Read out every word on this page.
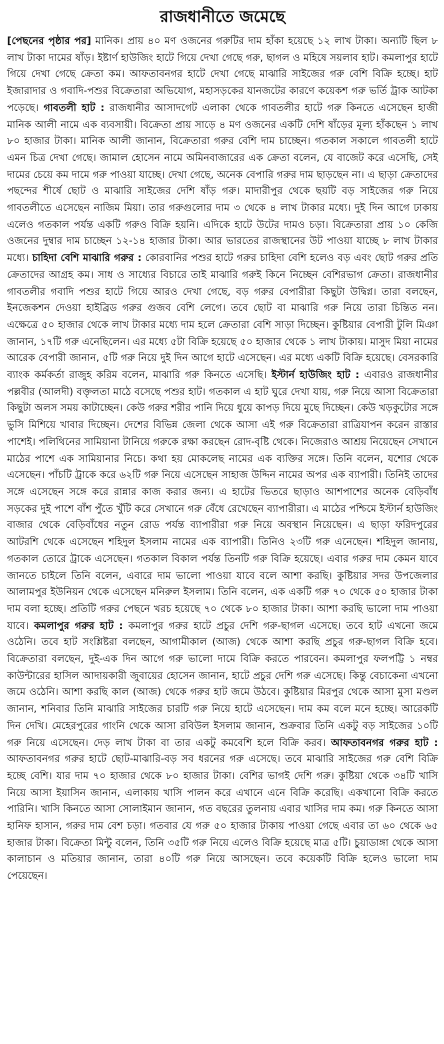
রাজধানীতে জমেছে
[পেছনের পৃষ্ঠার পর] মানিক। প্রায় ৪০ মণ ওজনের গরুটির দাম হাঁকা হয়েছে ১২ লাখ টাকা। অন্যটি ছিল ৮ লাখ টাকা দামের ষাঁড়। ইষ্টার্ণ হাউজিং হাটে গিয়ে দেখা গেছে গরু, ছাগল ও মহিষে সয়লাব হাট। কমলাপুর হাটে গিয়ে দেখা গেছে ক্রেতা কম। আফতাবনগর হাটে দেখা গেছে মাঝারি সাইজের গরু বেশি বিক্রি হচ্ছে। হাট ইজারাদার ও গবাদি-পশুর বিক্রেতারা অভিযোগ, মহাসড়কের যানজটের কারণে কয়েকশ গরু ভর্তি ট্রাক আটকা পড়েছে। গাবতলী হাট : রাজধানীর আসাদগেট এলাকা থেকে গাবতলীর হাটে গরু কিনতে এসেছেন হাজী মানিক আলী নামে এক ব্যবসায়ী। বিক্রেতা প্রায় সাড়ে ৪ মণ ওজনের একটি দেশি ষাঁড়ের মূল্য হাঁকছেন ১ লাখ ৮০ হাজার টাকা। মানিক আলী জানান, বিক্রেতারা গরুর বেশি দাম চাচ্ছেন। গতকাল সকালে গাবতলী হাটে এমন চিত্র দেখা গেছে। জামাল হোসেন নামে অমিনবাজারের এক ক্রেতা বলেন, যে বাজেট করে এসেছি, সেই দামের চেয়ে কম দামে গরু পাওয়া যাচ্ছে। দেখা গেছে, অনেক বেপারি গরুর দাম ছাড়ছেন না। এ ছাড়া ক্রেতাদের পছন্দের শীর্ষে ছোট ও মাঝারি সাইজের দেশি ষাঁড় গরু। মাদারীপুর থেকে ছয়টি বড় সাইজের গরু নিয়ে গাবতলীতে এসেছেন নাজিম মিয়া। তার গরুগুলোর দাম ৩ থেকে ৪ লাখ টাকার মধ্যে। দুই দিন আগে ঢাকায় এলেও গতকাল পর্যন্ত একটি গরুও বিক্রি হয়নি। এদিকে হাটে উটের দামও চড়া। বিক্রেতারা প্রায় ১০ কেজি ওজনের দুম্বার দাম চাচ্ছেন ১২-১৪ হাজার টাকা। আর ভারতের রাজস্থানের উট পাওয়া যাচ্ছে ৮ লাখ টাকার মধ্যে। চাহিদা বেশি মাঝারি গরুর : কোরবানির পশুর হাটে গরুর চাহিদা বেশি হলেও বড় এবং ছোট গরুর প্রতি ক্রেতাদের আগ্রহ কম। সাধ ও সাধ্যের বিচারে তাই মাঝারি গরুই কিনে নিচ্ছেন বেশিরভাগ ক্রেতা। রাজধানীর গাবতলীর গবাদি পশুর হাটে গিয়ে আরও দেখা গেছে, বড় গরুর বেপারীরা কিছুটা উদ্বিগ্ন। তারা বলছেন, ইনজেকশন দেওয়া হাইব্রিড গরুর গুজব বেশি লেগে। তবে ছোট বা মাঝারি গরু নিয়ে তারা চিন্তিত নন। এক্ষেত্রে ৫০ হাজার থেকে লাখ টাকার মধ্যে দাম হলে ক্রেতারা বেশি সাড়া দিচ্ছেন। কুষ্টিয়ার বেপারী টুলি মিঞা জানান, ১৭টি গরু এনেছিলেন। এর মধ্যে ৫টা বিক্রি হয়েছে ৫০ হাজার থেকে ১ লাখ টাকায়। মাসুদ মিয়া নামের আরেক বেপারী জানান, ৫টি গরু নিয়ে দুই দিন আগে হাটে এসেছেন। এর মধ্যে একটি বিক্রি হয়েছে। বেসরকারি ব্যাংক কর্মকর্তা রাজুহ করিম বলেন, মাঝারি গরু কিনতে এসেছি। ইস্টার্ন হাউজিং হাট : এবারও রাজধানীর পল্লবীর (আলদী) বক্তৃলতা মাঠে বসেছে পশুর হাট। গতকাল এ হাট ঘুরে দেখা যায়, গরু নিয়ে আসা বিক্রেতারা কিছুটা অলস সময় কাটাচ্ছেন। কেউ গরুর শরীর পানি দিয়ে ধুয়ে কাপড় দিয়ে মুছে দিচ্ছেন। কেউ খড়কুটোর সঙ্গে ভুসি মিশিয়ে খাবার দিচ্ছেন। দেশের বিভিন্ন জেলা থেকে আসা এই গরু বিক্রেতারা রাত্রিযাপন করেন রাস্তার পাশেই। পলিথিনের সামিয়ানা টানিয়ে গরুকে রক্ষা করছেন রোদ-বৃষ্টি থেকে। নিজেরাও আশ্রয় নিয়েছেন সেখানে মাঠের পাশে এক সামিয়ানার নিচে। কথা হয় মোকলেছ নামের এক ব্যক্তির সঙ্গে। তিনি বলেন, যশোর থেকে এসেছেন। পাঁচটি ট্রাকে করে ৬২টি গরু নিয়ে এসেছেন সাহাজ উদ্দিন নামের অপর এক ব্যাপারী। তিনিই তাদের সঙ্গে এসেছেন সঙ্গে করে রান্নার কাজ করার জন্য। এ হাটের ভিতরে ছাড়াও আশপাশের অনেক বেড়িবাঁধ সড়কের দুই পাশে বাঁশ পুঁতে খুঁটি করে সেখানে গরু বেঁধে রেখেছেন ব্যাপারীরা। এ মাঠের পশ্চিমে ইস্টার্ন হাউজিং বাজার থেকে বেড়িবাঁধের নতুন রোড পর্যন্ত ব্যাপারীরা গরু নিয়ে অবস্থান নিয়েছেন। এ ছাড়া ফরিদপুরের আটরশি থেকে এসেছেন শহিদুল ইসলাম নামের এক ব্যাপারী। তিনিও ২৩টি গরু এনেছেন। শহিদুল জানায়, গতকাল তোরে ট্রাকে এসেছেন। গতকাল বিকাল পর্যন্ত তিনটি গরু বিক্রি হয়েছে। এবার গরুর দাম কেমন যাবে জানতে চাইলে তিনি বলেন, এবারে দাম ভালো পাওয়া যাবে বলে আশা করছি। কুষ্টিয়ার সদর উপজেলার আলামপুর ইউনিয়ন থেকে এসেছেন মনিরুল ইসলাম। তিনি বলেন, এক একটি গরু ৭০ থেকে ৫০ হাজার টাকা দাম বলা হচ্ছে। প্রতিটি গরুর পেছনে খরচ হয়েছে ৭০ থেকে ৮০ হাজার টাকা। আশা করছি ভালো দাম পাওয়া যাবে। কমলাপুর গরুর হাট : কমলাপুর গরুর হাটে প্রচুর দেশি গরু-ছাগল এসেছে। তবে হাট এখনো জমে ওঠেনি। তবে হাট সংশ্লিষ্টরা বলছেন, আগামীকাল (আজ) থেকে আশা করছি প্রচুর গরু-ছাগল বিক্রি হবে। বিক্রেতারা বলছেন, দুই-এক দিন আগে গরু ভালো দামে বিক্রি করতে পারবেন। কমলাপুর ফলপট্টি ১ নম্বর কাউন্টারের হাসিল আদায়কারী জুবায়ের হোসেন জানান, হাটে প্রচুর দেশি গরু এসেছে। কিন্তু বেচাকেনা এখনো জমে ওঠেনি। আশা করছি কাল (আজ) থেকে গরুর হাট জমে উঠবে। কুষ্টিয়ার মিরপুর থেকে আসা মুসা মণ্ডল জানান, শনিবার তিনি মাঝারি সাইজের চারটি গরু নিয়ে হাটে এসেছেন। দাম কম বলে মনে হচ্ছে। আরেকটি দিন দেখি। মেহেরপুরের গাংনি থেকে আসা রবিউল ইসলাম জানান, শুক্রবার তিনি একটু বড় সাইজের ১০টি গরু নিয়ে এসেছেন। দেড় লাখ টাকা বা তার একটু কমবেশি হলে বিক্রি করব। আফতাবনগর গরুর হাট : আফতাবনগর গরুর হাটে ছোট-মাঝারি-বড় সব ধরনের গরু এসেছে। তবে মাঝারি সাইজের গরু বেশি বিক্রি হচ্ছে বেশি। যার দাম ৭০ হাজার থেকে ৮০ হাজার টাকা। বেশির ভাগই দেশি গরু। কুষ্টিয়া থেকে ৩৪টি খাসি নিয়ে আসা ইয়াসিন জানান, এলাকায় খাসি পালন করে এখানে এনে বিক্রি করেছি। একখানো বিক্রি করতে পারিনি। খাসি কিনতে আসা সোলাইমান জানান, গত বছরের তুলনায় এবার খাসির দাম কম। গরু কিনতে আসা হানিফ হাসান, গরুর দাম বেশ চড়া। গতবার যে গরু ৫০ হাজার টাকায় পাওয়া গেছে এবার তা ৬০ থেকে ৬৫ হাজার টাকা। বিক্রেতা মিন্টু বলেন, তিনি ৩৫টি গরু নিয়ে এলেও বিক্রি হয়েছে মাত্র ৫টি। চুয়াডাঙ্গা থেকে আসা কালাচান ও মতিয়ার জানান, তারা ৪০টি গরু নিয়ে আসছেন। তবে কয়েকটি বিক্রি হলেও ভালো দাম পেয়েছেন।
